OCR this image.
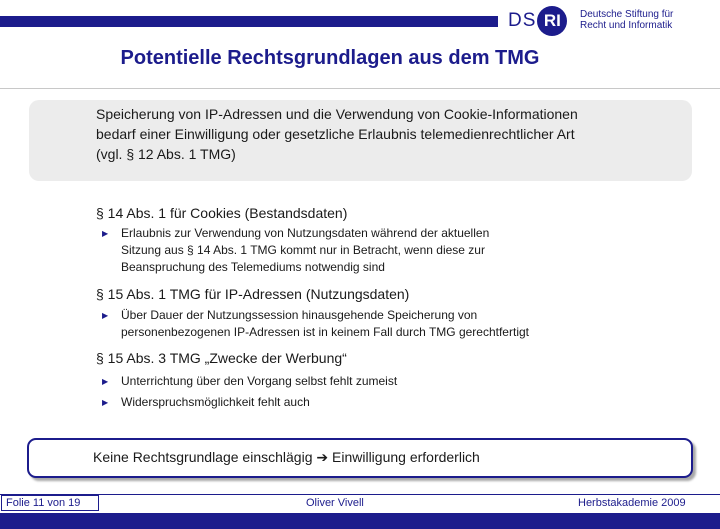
DS RI	Deutsche Stiftung für
Recht und Informatik
Potentielle Rechtsgrundlagen aus dem TMG
Speicherung von IP-Adressen und die Verwendung von Cookie-Informationen
bedarf einer Einwilligung oder gesetzliche Erlaubnis telemedienrechtlicher Art
(vgl. § 12 Abs. 1 TMG)
§ 14 Abs. 1 für Cookies (Bestandsdaten)
▶ Erlaubnis zur Verwendung von Nutzungsdaten während der aktuellen
Sitzung aus § 14 Abs. 1 TMG kommt nur in Betracht, wenn diese zur
Beanspruchung des Telemediums notwendig sind
§ 15 Abs. 1 TMG für IP-Adressen (Nutzungsdaten)
▶ Über Dauer der Nutzungssession hinausgehende Speicherung von
personenbezogenen IP-Adressen ist in keinem Fall durch TMG gerechtfertigt
§ 15 Abs. 3 TMG „Zwecke der Werbung“
▶ Unterrichtung über den Vorgang selbst fehlt zumeist
▶ Widerspruchsmöglichkeit fehlt auch
Keine Rechtsgrundlage einschlägig ➔ Einwilligung erforderlich
Folie 11 von 19	Oliver Vivell	Herbstakademie 2009
